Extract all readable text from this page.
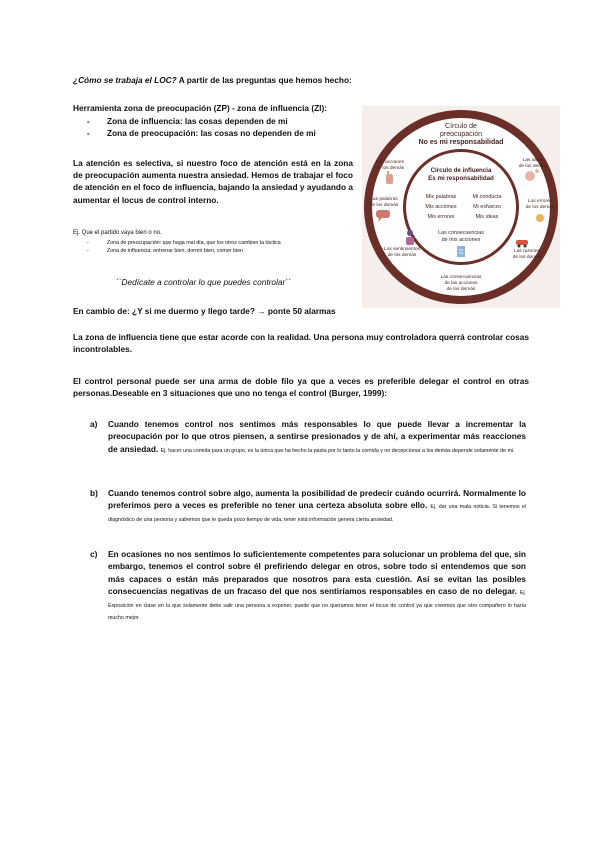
¿Cómo se trabaja el LOC? A partir de las preguntas que hemos hecho:
Herramienta zona de preocupación (ZP) - zona de influencia (ZI):
- Zona de influencia: las cosas dependen de mi
- Zona de preocupación: las cosas no dependen de mi
La atención es selectiva, si nuestro foco de atención está en la zona de preocupación aumenta nuestra ansiedad. Hemos de trabajar el foco de atención en el foco de influencia, bajando la ansiedad y ayudando a aumentar el locus de control interno.
Ej. Que el partido vaya bien o no.
- Zona de preocupación: que haga mal día, que los otros cambien la táctica
- Zona de influencia: entrenar bien, dormir bien, comer bien
``Dedícate a controlar lo que puedes controlar´´
En cambio de: ¿Y si me duermo y llego tarde? → ponte 50 alarmas
La zona de influencia tiene que estar acorde con la realidad. Una persona muy controladora querrá controlar cosas incontrolables.
El control personal puede ser una arma de doble filo ya que a veces es preferible delegar el control en otras personas.Deseable en 3 situaciones que uno no tenga el control (Burger, 1999):
a) Cuando tenemos control nos sentimos más responsables lo que puede llevar a incrementar la preocupación por lo que otros piensen, a sentirse presionados y de ahí, a experimentar más reacciones de ansiedad. Ej. hacer una comida para un grupo, es la única que ha hecho la pasta por lo tanto la comida y no decepcionar a los demás depende solamente de mi.
b) Cuando tenemos control sobre algo, aumenta la posibilidad de predecir cuándo ocurrirá. Normalmente lo preferimos pero a veces es preferible no tener una certeza absoluta sobre ello. Ej. dar una mala noticia. Si tenemos el diagnóstico de una persona y sabemos que le queda poco tiempo de vida, tener está información genera cierta ansiedad.
c) En ocasiones no nos sentimos lo suficientemente competentes para solucionar un problema del que, sin embargo, tenemos el control sobre él prefiriendo delegar en otros, sobre todo si entendemos que son más capaces o están más preparados que nosotros para esta cuestión. Así se evitan las posibles consecuencias negativas de un fracaso del que nos sentiríamos responsables en caso de no delegar. Ej. Exposición en clase en la que solamente debe salir una persona a exponer, puede que no queramos tener el locus de control ya que creemos que otro compañero lo haría mucho mejor.
Círculo de
preocupación
No es mi responsabilidad
Círculo de influencia
Es mi responsabilidad
Mis palabras	Mi conducta
Mis acciones	Mi esfuerzo
Mis errores	Mis ideas
Las consecuencias
de mis acciones
Las acciones
de los demás
Las ideas
de los demás
Las palabras
de los demás
Los errores
de los demás
Los sentimientos
de los demás
Las razones
de los demás
Las consecuencias
de las acciones
de los demás
